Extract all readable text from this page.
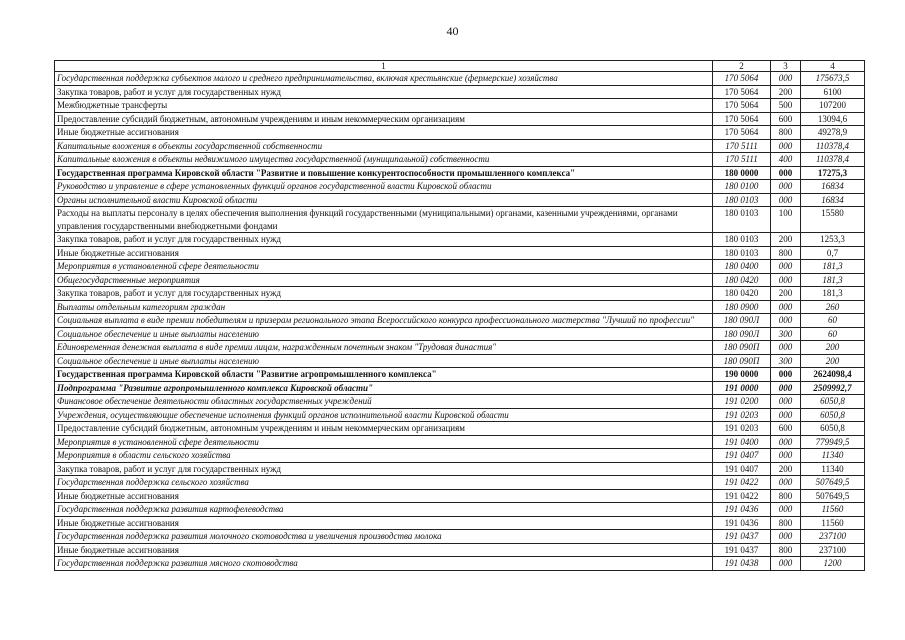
40
1	2	3	4
Государственная поддержка субъектов малого и среднего предпринимательства, включая крестьянские (фермерские) хозяйства	170 5064	000	175673,5
Закупка товаров, работ и услуг для государственных нужд	170 5064	200	6100
Межбюджетные трансферты	170 5064	500	107200
Предоставление субсидий бюджетным, автономным учреждениям и иным некоммерческим организациям	170 5064	600	13094,6
Иные бюджетные ассигнования	170 5064	800	49278,9
Капитальные вложения в объекты государственной собственности	170 5111	000	110378,4
Капитальные вложения в объекты недвижимого имущества государственной (муниципальной) собственности	170 5111	400	110378,4
Государственная программа Кировской области "Развитие и повышение конкурентоспособности промышленного комплекса"	180 0000	000	17275,3
Руководство и управление в сфере установленных функций органов государственной власти Кировской области	180 0100	000	16834
Органы исполнительной власти Кировской области	180 0103	000	16834
Расходы на выплаты персоналу в целях обеспечения выполнения функций государственными (муниципальными) органами, казенными учреждениями, органами управления государственными внебюджетными фондами	180 0103	100	15580
Закупка товаров, работ и услуг для государственных нужд	180 0103	200	1253,3
Иные бюджетные ассигнования	180 0103	800	0,7
Мероприятия в установленной сфере деятельности	180 0400	000	181,3
Общегосударственные мероприятия	180 0420	000	181,3
Закупка товаров, работ и услуг для государственных нужд	180 0420	200	181,3
Выплаты отдельным категориям граждан	180 0900	000	260
Социальная выплата в виде премии победителям и призерам регионального этапа Всероссийского конкурса профессионального мастерства "Лучший по профессии"	180 090Л	000	60
Социальное обеспечение и иные выплаты населению	180 090Л	300	60
Единовременная денежная выплата в виде премии лицам, награжденным почетным знаком "Трудовая династия"	180 090П	000	200
Социальное обеспечение и иные выплаты населению	180 090П	300	200
Государственная программа Кировской области "Развитие агропромышленного комплекса"	190 0000	000	2624098,4
Подпрограмма "Развитие агропромышленного комплекса Кировской области"	191 0000	000	2509992,7
Финансовое обеспечение деятельности областных государственных учреждений	191 0200	000	6050,8
Учреждения, осуществляющие обеспечение исполнения функций органов исполнительной власти Кировской области	191 0203	000	6050,8
Предоставление субсидий бюджетным, автономным учреждениям и иным некоммерческим организациям	191 0203	600	6050,8
Мероприятия в установленной сфере деятельности	191 0400	000	779949,5
Мероприятия в области сельского хозяйства	191 0407	000	11340
Закупка товаров, работ и услуг для государственных нужд	191 0407	200	11340
Государственная поддержка сельского хозяйства	191 0422	000	507649,5
Иные бюджетные ассигнования	191 0422	800	507649,5
Государственная поддержка развития картофелеводства	191 0436	000	11560
Иные бюджетные ассигнования	191 0436	800	11560
Государственная поддержка развития молочного скотоводства и увеличения производства молока	191 0437	000	237100
Иные бюджетные ассигнования	191 0437	800	237100
Государственная поддержка развития мясного скотоводства	191 0438	000	1200
